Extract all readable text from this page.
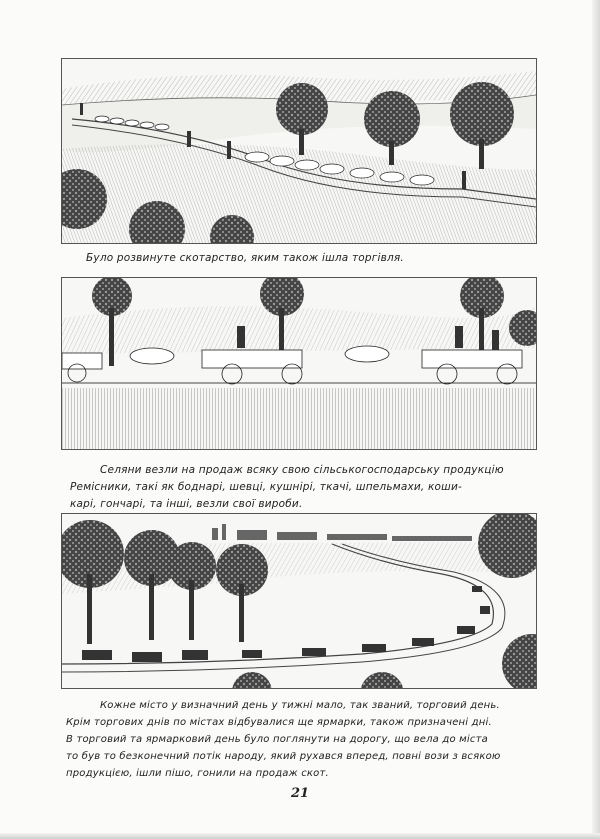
Було розвинуте скотарство, яким також ішла торгівля.

Селяни везли на продаж всяку свою сільськогосподарську продукцію

Ремісники, такі як боднарі, шевці, кушнірі, ткачі, шпельмахи, коши-

карі, гончарі, та інші, везли свої вироби.

Кожне місто у визначний день у тижні мало, так званий, торговий день.

Крім торгових днів по містах відбувалися ще ярмарки, також призначені дні.

В торговий та ярмарковий день було поглянути на дорогу, що вела до міста

то був то безконечний потік народу, який рухався вперед, повні вози з всякою

продукцією, ішли пішо, гонили на продаж скот.

21
